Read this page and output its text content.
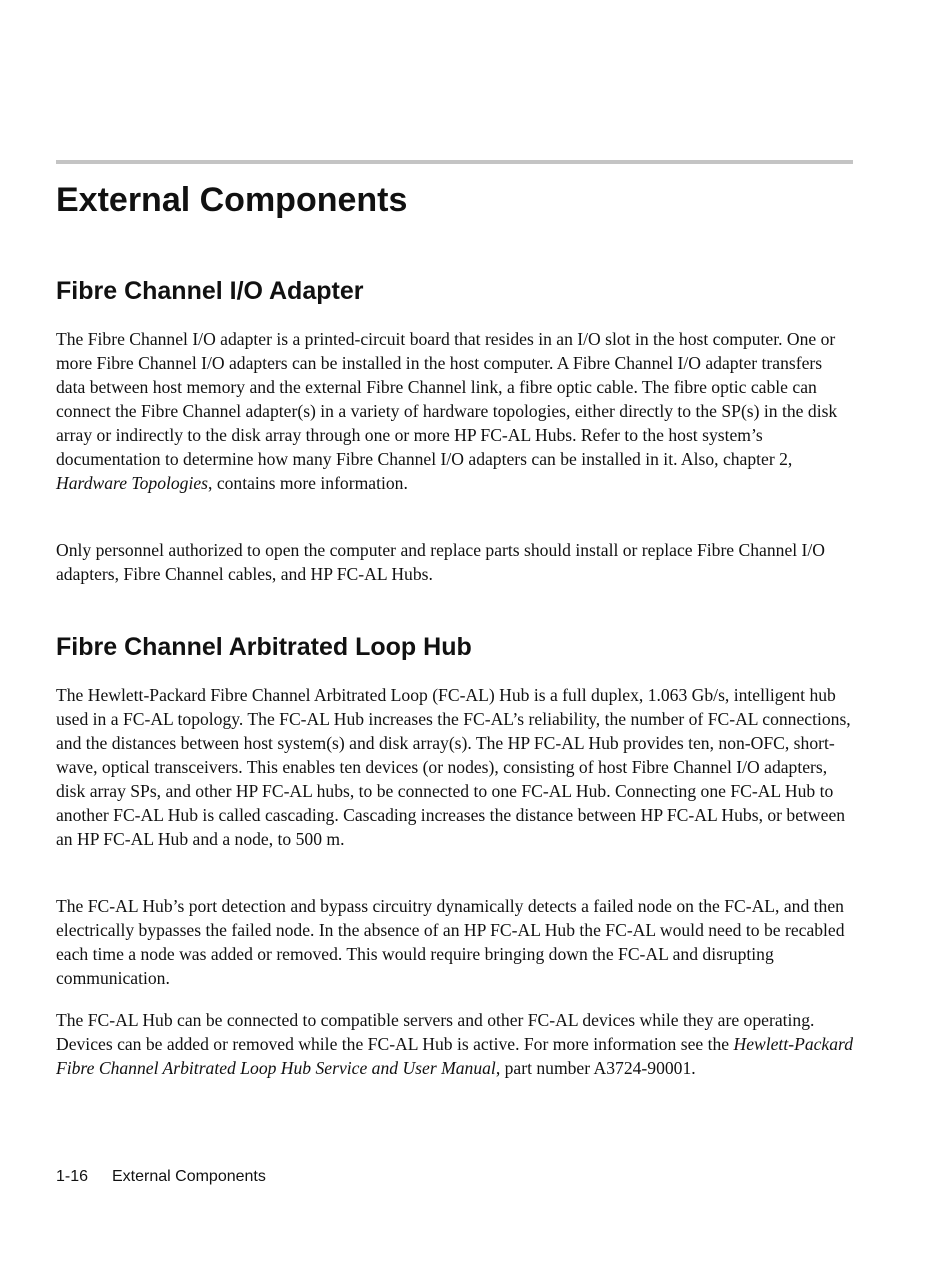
External Components
Fibre Channel I/O Adapter

The Fibre Channel I/O adapter is a printed-circuit board that resides in an I/O slot in the host computer. One or more Fibre Channel I/O adapters can be installed in the host computer. A Fibre Channel I/O adapter transfers data between host memory and the external Fibre Channel link, a fibre optic cable. The fibre optic cable can connect the Fibre Channel adapter(s) in a variety of hardware topologies, either directly to the SP(s) in the disk array or indirectly to the disk array through one or more HP FC-AL Hubs. Refer to the host system’s documentation to determine how many Fibre Channel I/O adapters can be installed in it. Also, chapter 2, Hardware Topologies, contains more information.

Only personnel authorized to open the computer and replace parts should install or replace Fibre Channel I/O adapters, Fibre Channel cables, and HP FC-AL Hubs.

Fibre Channel Arbitrated Loop Hub

The Hewlett-Packard Fibre Channel Arbitrated Loop (FC-AL) Hub is a full duplex, 1.063 Gb/s, intelligent hub used in a FC-AL topology. The FC-AL Hub increases the FC-AL’s reliability, the number of FC-AL connections, and the distances between host system(s) and disk array(s). The HP FC-AL Hub provides ten, non-OFC, short-wave, optical transceivers. This enables ten devices (or nodes), consisting of host Fibre Channel I/O adapters, disk array SPs, and other HP FC-AL hubs, to be connected to one FC-AL Hub. Connecting one FC-AL Hub to another FC-AL Hub is called cascading. Cascading increases the distance between HP FC-AL Hubs, or between an HP FC-AL Hub and a node, to 500 m.

The FC-AL Hub’s port detection and bypass circuitry dynamically detects a failed node on the FC-AL, and then electrically bypasses the failed node. In the absence of an HP FC-AL Hub the FC-AL would need to be recabled each time a node was added or removed. This would require bringing down the FC-AL and disrupting communication.

The FC-AL Hub can be connected to compatible servers and other FC-AL devices while they are operating. Devices can be added or removed while the FC-AL Hub is active. For more information see the Hewlett-Packard Fibre Channel Arbitrated Loop Hub Service and User Manual, part number A3724-90001.

1-16 External Components
